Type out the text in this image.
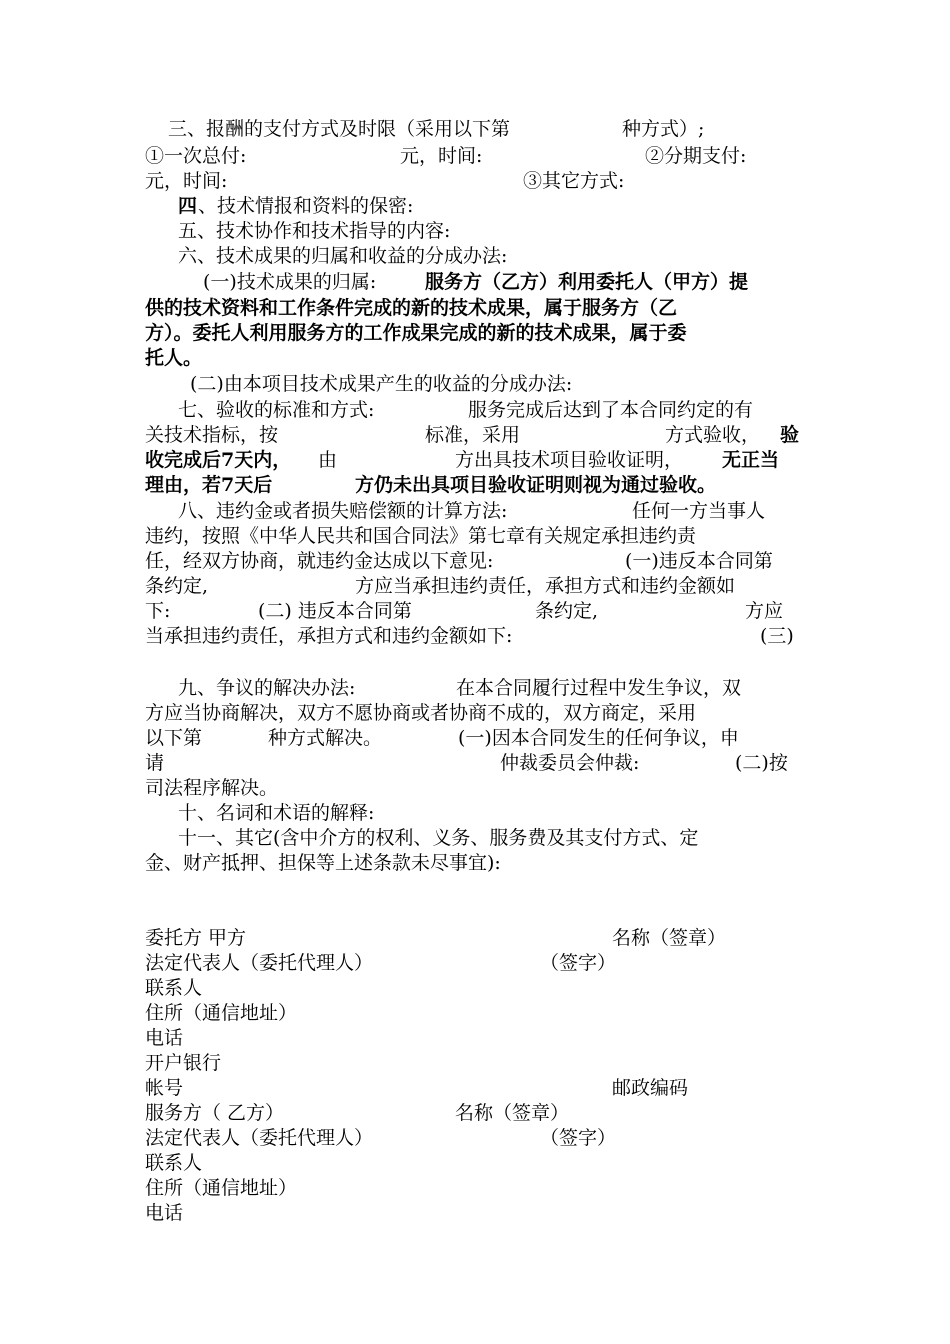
三、报酬的支付方式及时限（采用以下第	种方式）;
①一次总付:	元，时间:	②分期支付:
元，时间:	③其它方式:
四 、技术情报和资料的保密:
五、技术协作和技术指导的内容:
六、技术成果的归属和收益的分成办法:
(一)技术成果的归属:	服务方（乙方）利用委托人（甲方）提
供的技术资料和工作条件完成的新的技术成果，属于服务方（乙
方）。委托人利用服务方的工作成果完成的新的技术成果，属于委
托人。
(二)由本项目技术成果产生的收益的分成办法:
七、验收的标准和方式:	服务完成后达到了本合同约定的有
关技术指标，按	标准，采用	方式验收， 验
收完成后7天内， 由	方出具技术项目验收证明， 无正当
理由，若7天后	方仍未出具项目验收证明则视为通过验收。
八、违约金或者损失赔偿额的计算方法:	任何一方当事人
违约，按照《中华人民共和国合同法》第七章有关规定承担违约责
任，经双方协商，就违约金达成以下意见:	(一)违反本合同第
条约定,	方应当承担违约责任，承担方式和违约金额如
下:	(二) 违反本合同第	条约定,	方应
当承担违约责任，承担方式和违约金额如下:	(三)
九、争议的解决办法:	在本合同履行过程中发生争议，双
方应当协商解决，双方不愿协商或者协商不成的，双方商定，采用
以下第	种方式解决。	(一)因本合同发生的任何争议，申
请	仲裁委员会仲裁:	(二)按
司法程序解决。
十、名词和术语的解释:
十一、其它(含中介方的权利、义务、服务费及其支付方式、定
金、财产抵押、担保等上述条款未尽事宜):
委托方 甲方	名称（签章）
法定代表人（委托代理人）	（签字）
联系人
住所（通信地址）
电话
开户银行
帐号	邮政编码
服务方（ 乙方）	名称（签章）
法定代表人（委托代理人）	（签字）
联系人
住所（通信地址）
电话
